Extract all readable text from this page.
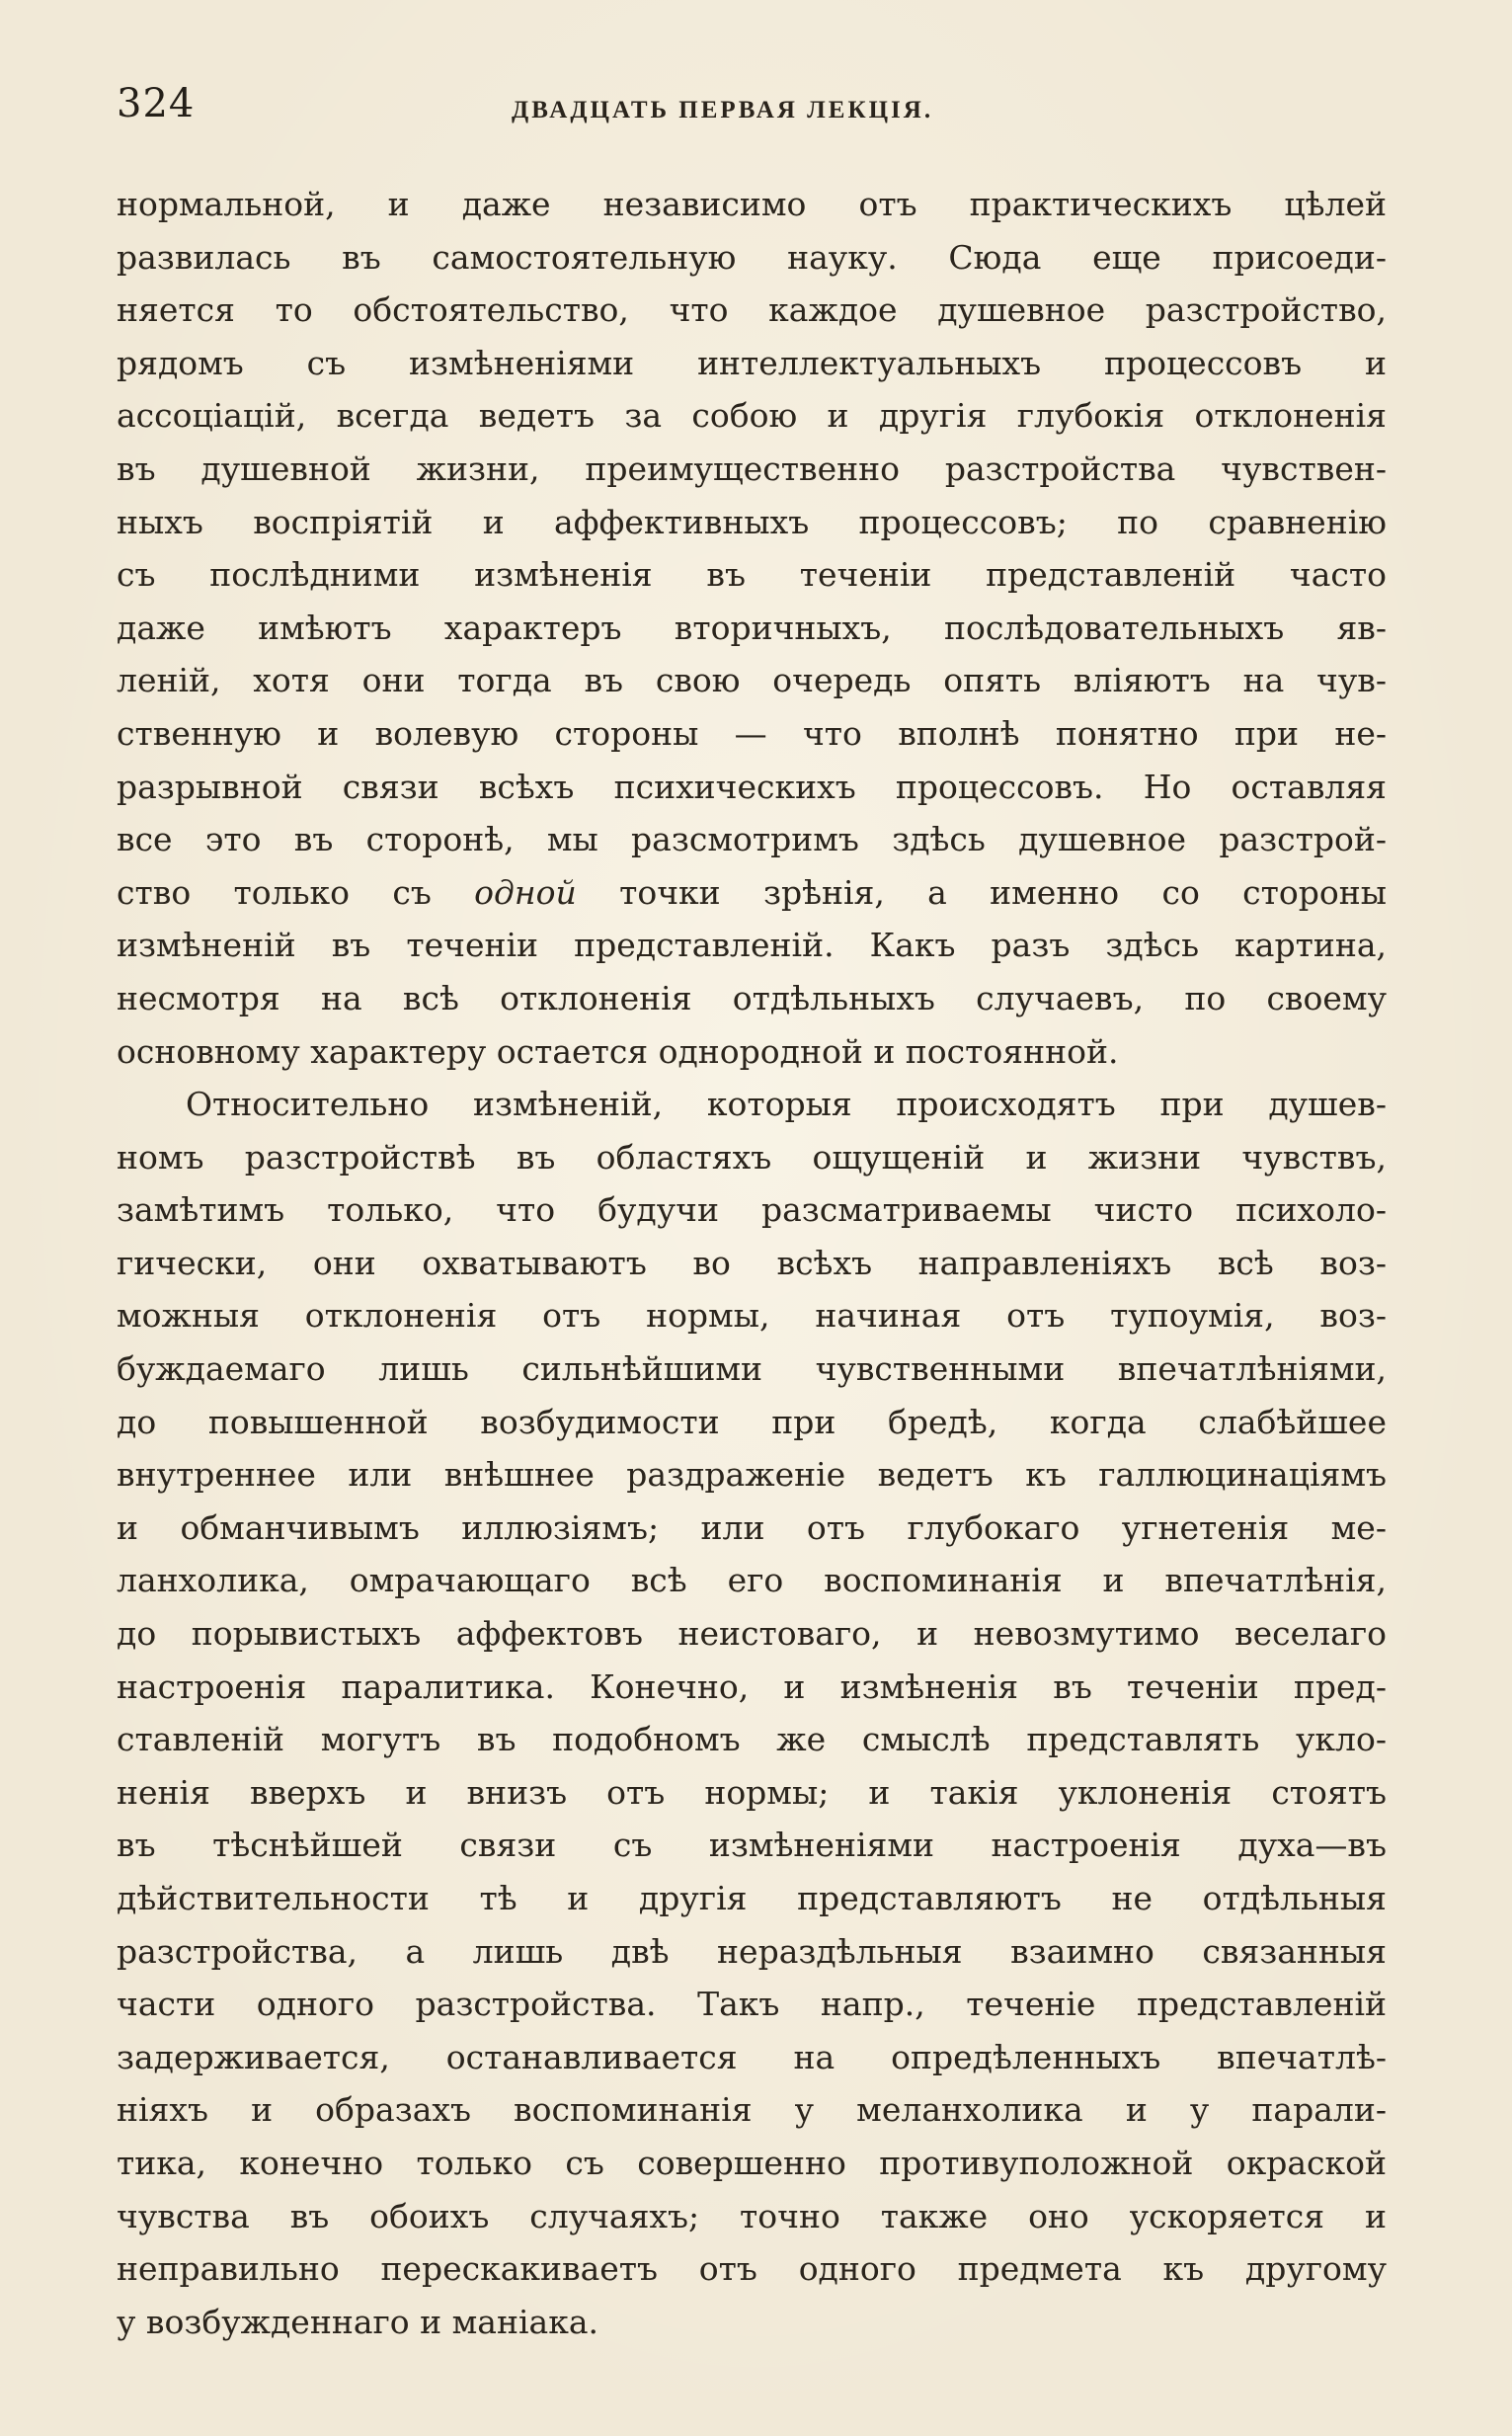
324	ДВАДЦАТЬ ПЕРВАЯ ЛЕКЦІЯ.

нормальной, и даже независимо отъ практическихъ цѣлей
развилась въ самостоятельную науку. Сюда еще присоеди-
няется то обстоятельство, что каждое душевное разстройство,
рядомъ съ измѣненіями интеллектуальныхъ процессовъ и
ассоціацій, всегда ведетъ за собою и другія глубокія отклоненія
въ душевной жизни, преимущественно разстройства чувствен-
ныхъ воспріятій и аффективныхъ процессовъ; по сравненію
съ послѣдними измѣненія въ теченіи представленій часто
даже имѣютъ характеръ вторичныхъ, послѣдовательныхъ яв-
леній, хотя они тогда въ свою очередь опять вліяютъ на чув-
ственную и волевую стороны — что вполнѣ понятно при не-
разрывной связи всѣхъ психическихъ процессовъ. Но оставляя
все это въ сторонѣ, мы разсмотримъ здѣсь душевное разстрой-
ство только съ одной точки зрѣнія, а именно со стороны
измѣненій въ теченіи представленій. Какъ разъ здѣсь картина,
несмотря на всѣ отклоненія отдѣльныхъ случаевъ, по своему
основному характеру остается однородной и постоянной.

Относительно измѣненій, которыя происходятъ при душев-
номъ разстройствѣ въ областяхъ ощущеній и жизни чувствъ,
замѣтимъ только, что будучи разсматриваемы чисто психоло-
гически, они охватываютъ во всѣхъ направленіяхъ всѣ воз-
можныя отклоненія отъ нормы, начиная отъ тупоумія, воз-
буждаемаго лишь сильнѣйшими чувственными впечатлѣніями,
до повышенной возбудимости при бредѣ, когда слабѣйшее
внутреннее или внѣшнее раздраженіе ведетъ къ галлюцинаціямъ
и обманчивымъ иллюзіямъ; или отъ глубокаго угнетенія ме-
ланхолика, омрачающаго всѣ его воспоминанія и впечатлѣнія,
до порывистыхъ аффектовъ неистоваго, и невозмутимо веселаго
настроенія паралитика. Конечно, и измѣненія въ теченіи пред-
ставленій могутъ въ подобномъ же смыслѣ представлять укло-
ненія вверхъ и внизъ отъ нормы; и такія уклоненія стоятъ
въ тѣснѣйшей связи съ измѣненіями настроенія духа—въ
дѣйствительности тѣ и другія представляютъ не отдѣльныя
разстройства, а лишь двѣ нераздѣльныя взаимно связанныя
части одного разстройства. Такъ напр., теченіе представленій
задерживается, останавливается на опредѣленныхъ впечатлѣ-
ніяхъ и образахъ воспоминанія у меланхолика и у парали-
тика, конечно только съ совершенно противуположной окраской
чувства въ обоихъ случаяхъ; точно также оно ускоряется и
неправильно перескакиваетъ отъ одного предмета къ другому
у возбужденнаго и маніака.
